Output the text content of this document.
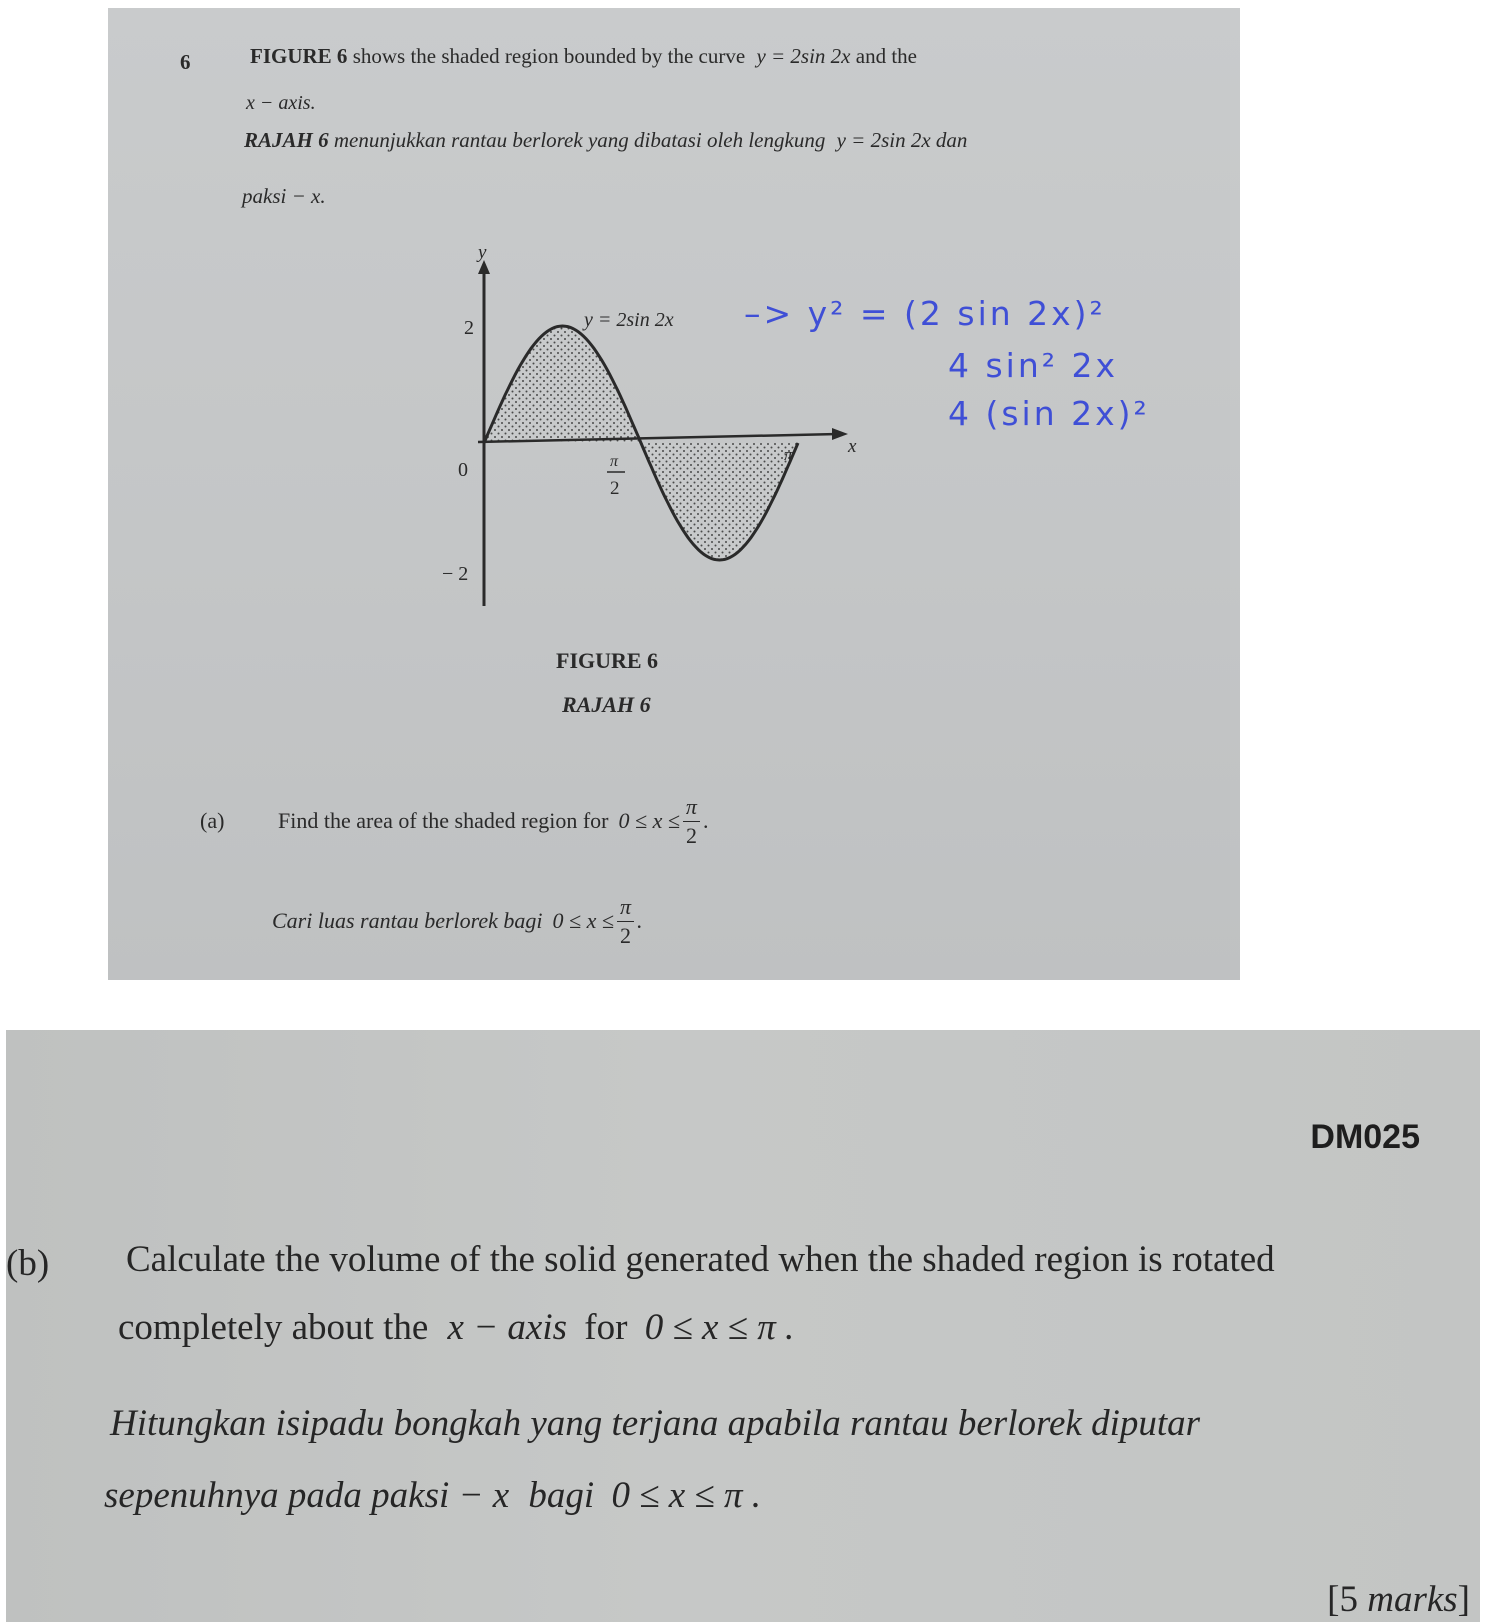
6	FIGURE 6 shows the shaded region bounded by the curve y = 2sin 2x and the
x − axis.
RAJAH 6 menunjukkan rantau berlorek yang dibatasi oleh lengkung y = 2sin 2x dan
paksi − x.
y
x
2
− 2
0	π
2
π
y = 2sin 2x –> y² = (2 sin 2x)²
4 sin² 2x
4 (sin 2x)²
FIGURE 6
RAJAH 6
(a) Find the area of the shaded region for $0 \le x \le \frac{\pi}{2}$ .
Cari luas rantau berlorek bagi $0 \le x \le \frac{\pi}{2}$ .
DM025
(b) Calculate the volume of the solid generated when the shaded region is rotated
completely about the x − axis for 0 ≤ x ≤ π .
Hitungkan isipadu bongkah yang terjana apabila rantau berlorek diputar
sepenuhnya pada paksi − x bagi 0 ≤ x ≤ π .
[5 marks]
